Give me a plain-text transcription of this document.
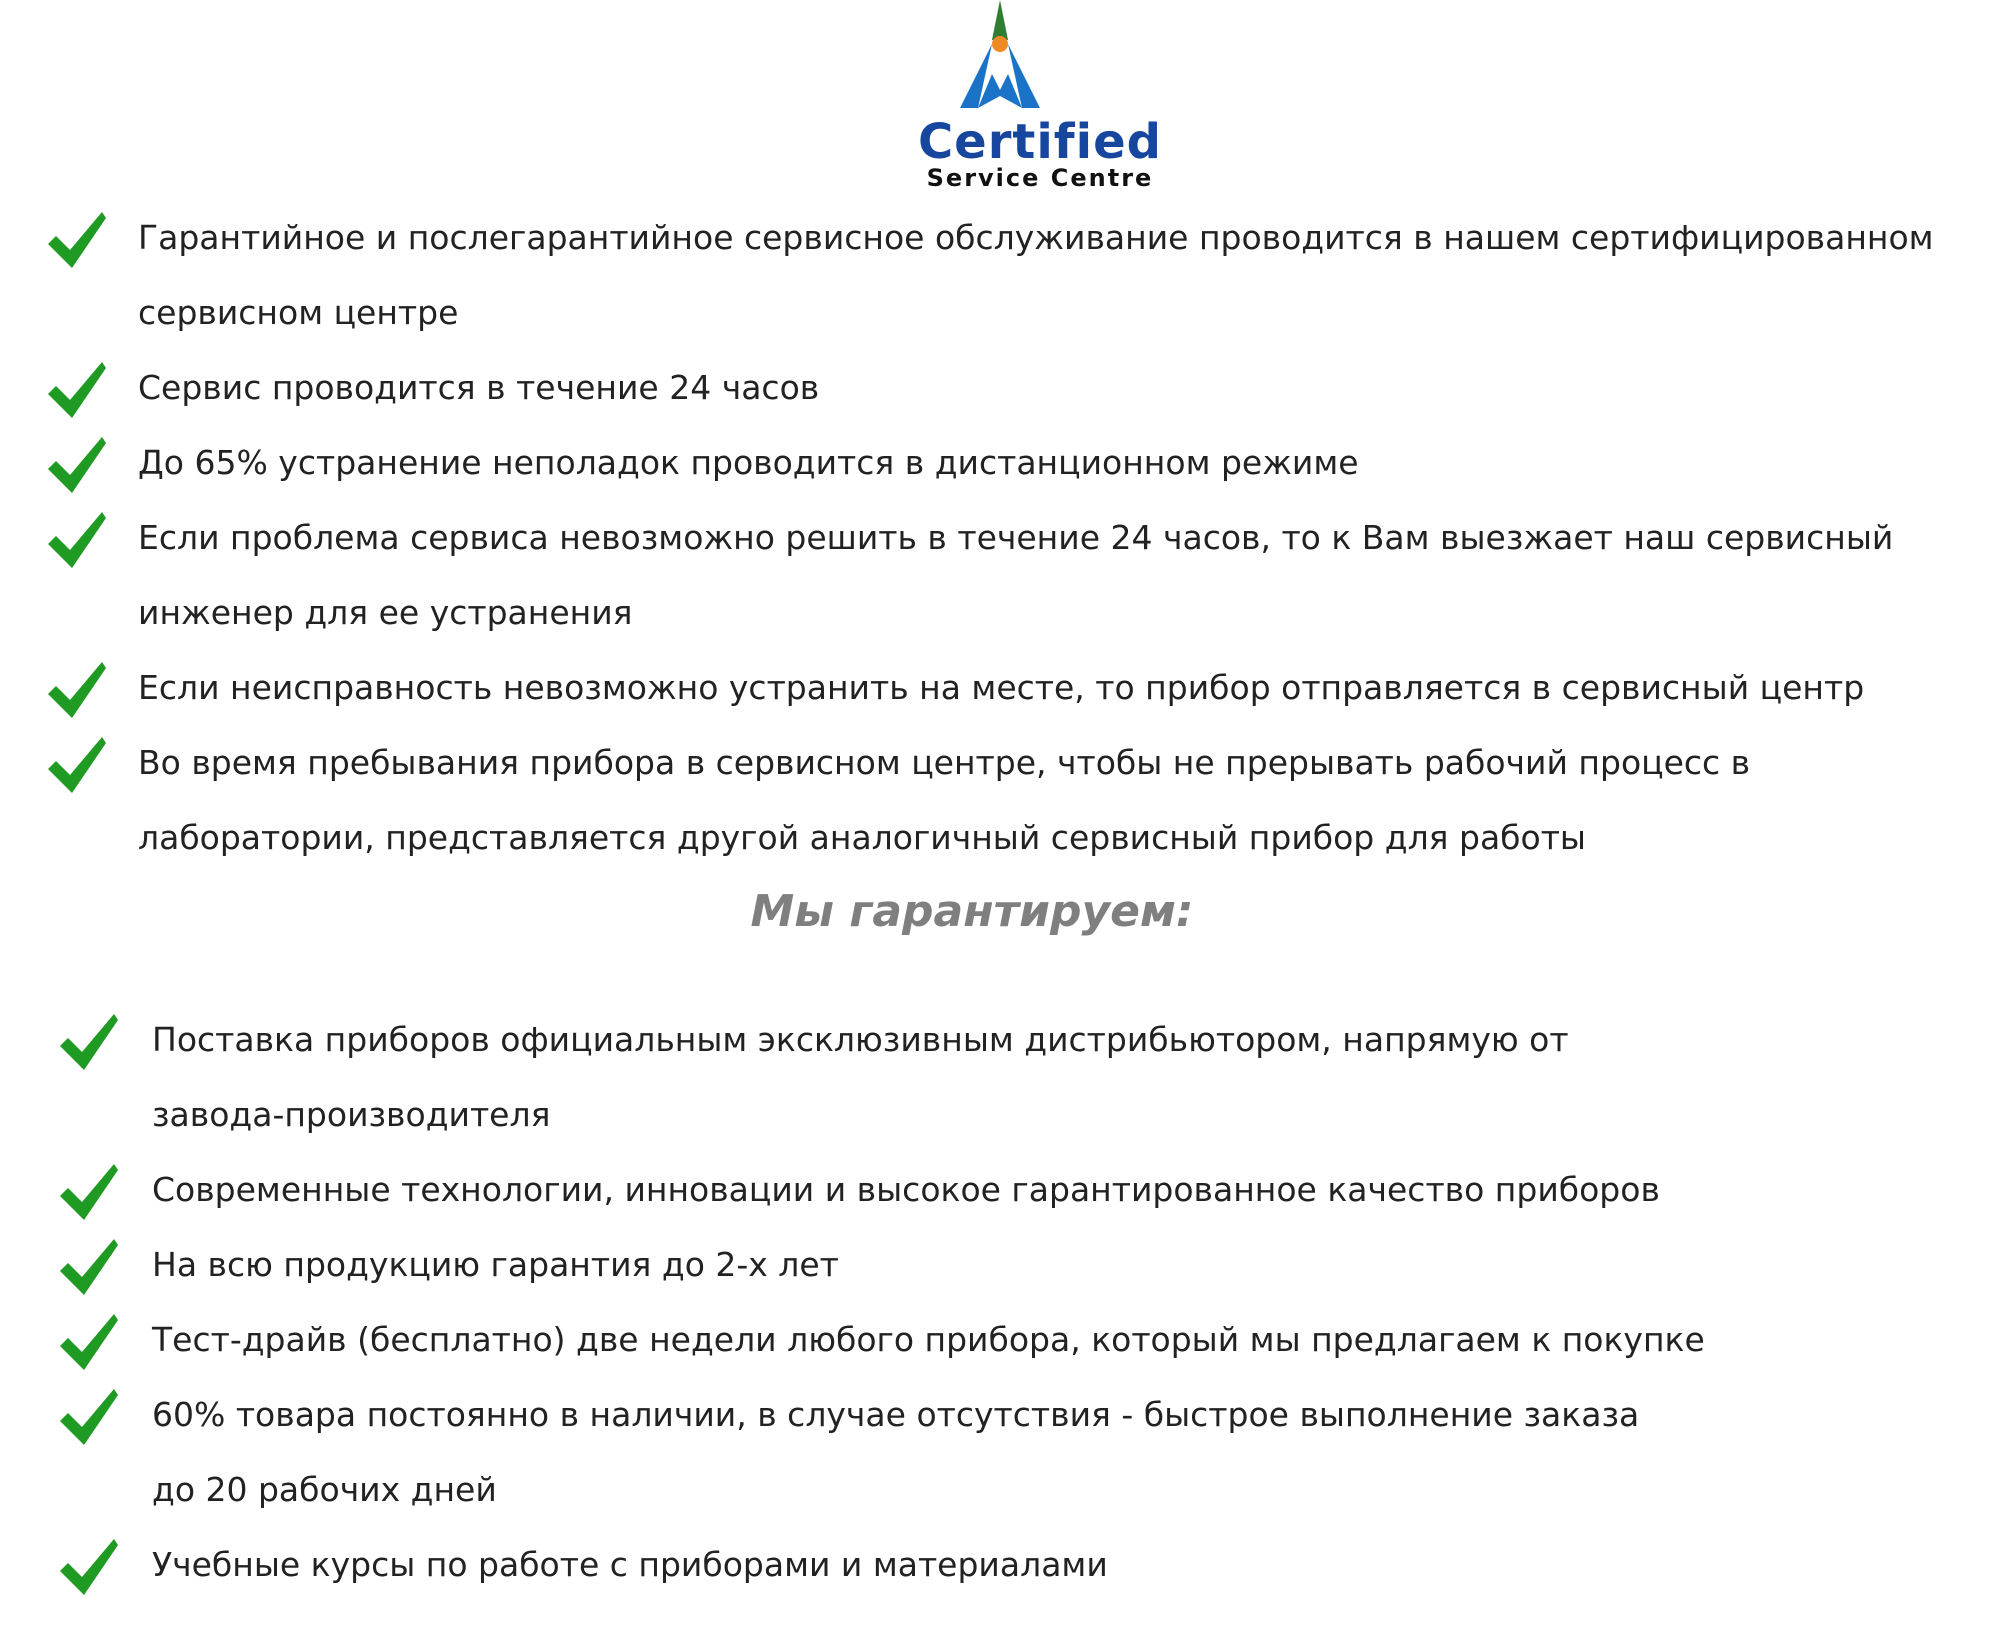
Certified
Service Centre
Гарантийное и послегарантийное сервисное обслуживание проводится в нашем сертифицированном
сервисном центре
Сервис проводится в течение 24 часов
До 65% устранение неполадок проводится в дистанционном режиме
Если проблема сервиса невозможно решить в течение 24 часов, то к Вам выезжает наш сервисный
инженер для ее устранения
Если неисправность невозможно устранить на месте, то прибор отправляется в сервисный центр
Во время пребывания прибора в сервисном центре, чтобы не прерывать рабочий процесс в
лаборатории, представляется другой аналогичный сервисный прибор для работы
Мы гарантируем:
Поставка приборов официальным эксклюзивным дистрибьютором, напрямую от
завода-производителя
Современные технологии, инновации и высокое гарантированное качество приборов
На всю продукцию гарантия до 2-х лет
Тест-драйв (бесплатно) две недели любого прибора, который мы предлагаем к покупке
60% товара постоянно в наличии, в случае отсутствия - быстрое выполнение заказа
до 20 рабочих дней
Учебные курсы по работе с приборами и материалами
